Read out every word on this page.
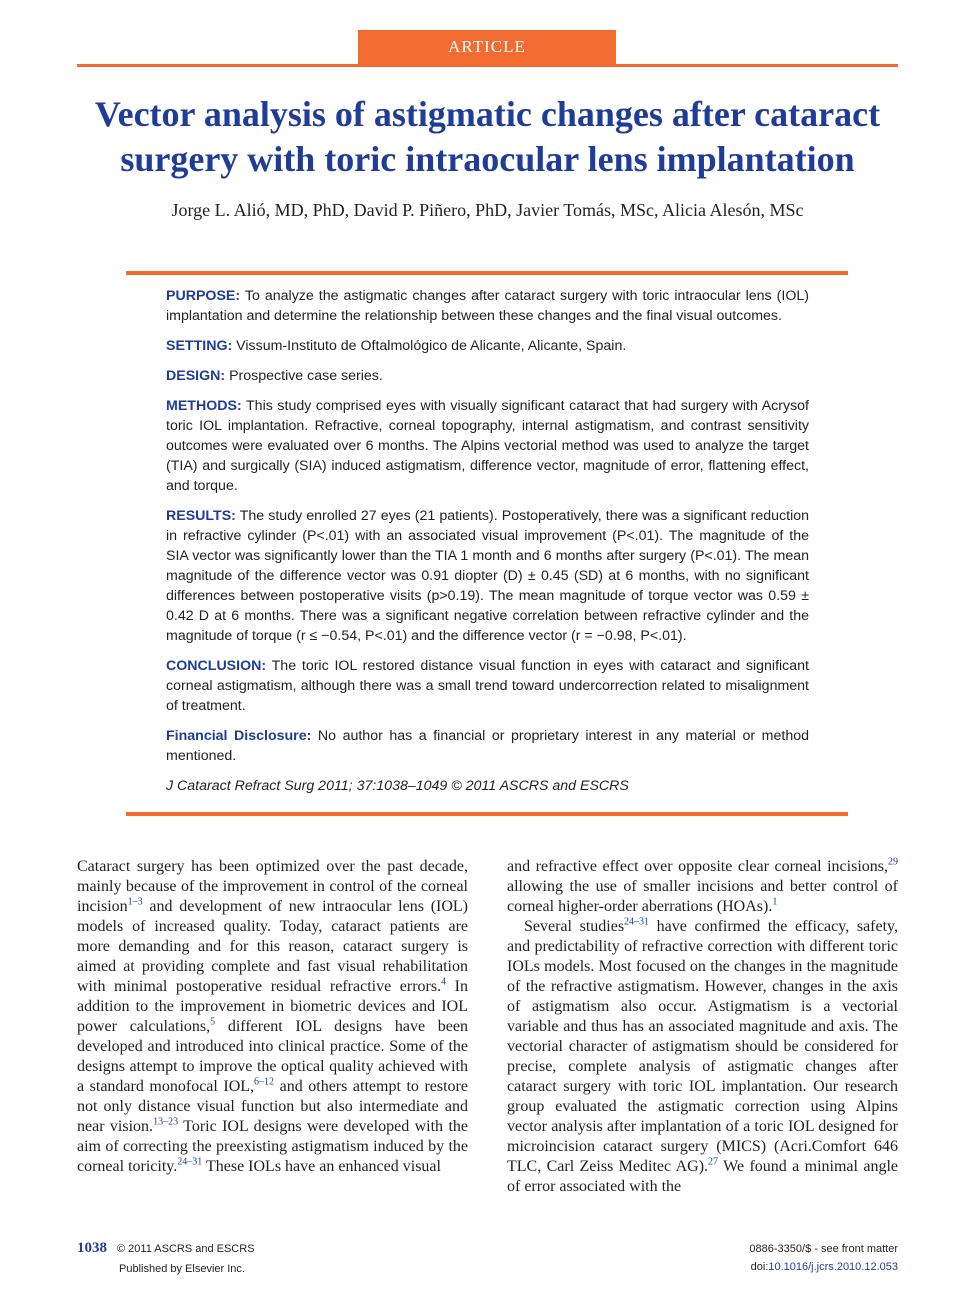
ARTICLE
Vector analysis of astigmatic changes after cataract surgery with toric intraocular lens implantation
Jorge L. Alió, MD, PhD, David P. Piñero, PhD, Javier Tomás, MSc, Alicia Alesón, MSc

PURPOSE: To analyze the astigmatic changes after cataract surgery with toric intraocular lens (IOL) implantation and determine the relationship between these changes and the final visual outcomes.

SETTING: Vissum-Instituto de Oftalmológico de Alicante, Alicante, Spain.

DESIGN: Prospective case series.

METHODS: This study comprised eyes with visually significant cataract that had surgery with Acrysof toric IOL implantation. Refractive, corneal topography, internal astigmatism, and contrast sensitivity outcomes were evaluated over 6 months. The Alpins vectorial method was used to analyze the target (TIA) and surgically (SIA) induced astigmatism, difference vector, magnitude of error, flattening effect, and torque.

RESULTS: The study enrolled 27 eyes (21 patients). Postoperatively, there was a significant reduction in refractive cylinder (P<.01) with an associated visual improvement (P<.01). The magnitude of the SIA vector was significantly lower than the TIA 1 month and 6 months after surgery (P<.01). The mean magnitude of the difference vector was 0.91 diopter (D) ± 0.45 (SD) at 6 months, with no significant differences between postoperative visits (p>0.19). The mean magnitude of torque vector was 0.59 ± 0.42 D at 6 months. There was a significant negative correlation between refractive cylinder and the magnitude of torque (r ≤ −0.54, P<.01) and the difference vector (r = −0.98, P<.01).

CONCLUSION: The toric IOL restored distance visual function in eyes with cataract and significant corneal astigmatism, although there was a small trend toward undercorrection related to misalignment of treatment.

Financial Disclosure: No author has a financial or proprietary interest in any material or method mentioned.

J Cataract Refract Surg 2011; 37:1038–1049 © 2011 ASCRS and ESCRS

Cataract surgery has been optimized over the past decade, mainly because of the improvement in control of the corneal incision$^{1-3}$ and development of new intraocular lens (IOL) models of increased quality. Today, cataract patients are more demanding and for this reason, cataract surgery is aimed at providing complete and fast visual rehabilitation with minimal postoperative residual refractive errors.$^4$ In addition to the improvement in biometric devices and IOL power calculations,$^5$ different IOL designs have been developed and introduced into clinical practice. Some of the designs attempt to improve the optical quality achieved with a standard monofocal IOL,$^{6-12}$ and others attempt to restore not only distance visual function but also intermediate and near vision.$^{13-23}$ Toric IOL designs were developed with the aim of correcting the preexisting astigmatism induced by the corneal toricity.$^{24-31}$ These IOLs have an enhanced visual

and refractive effect over opposite clear corneal incisions,$^{29}$ allowing the use of smaller incisions and better control of corneal higher-order aberrations (HOAs).$^1$

Several studies$^{24-31}$ have confirmed the efficacy, safety, and predictability of refractive correction with different toric IOLs models. Most focused on the changes in the magnitude of the refractive astigmatism. However, changes in the axis of astigmatism also occur. Astigmatism is a vectorial variable and thus has an associated magnitude and axis. The vectorial character of astigmatism should be considered for precise, complete analysis of astigmatic changes after cataract surgery with toric IOL implantation. Our research group evaluated the astigmatic correction using Alpins vector analysis after implantation of a toric IOL designed for microincision cataract surgery (MICS) (Acri.Comfort 646 TLC, Carl Zeiss Meditec AG).$^{27}$ We found a minimal angle of error associated with the

1038 © 2011 ASCRS and ESCRS
Published by Elsevier Inc.
0886-3350/$ - see front matter
doi:10.1016/j.jcrs.2010.12.053
